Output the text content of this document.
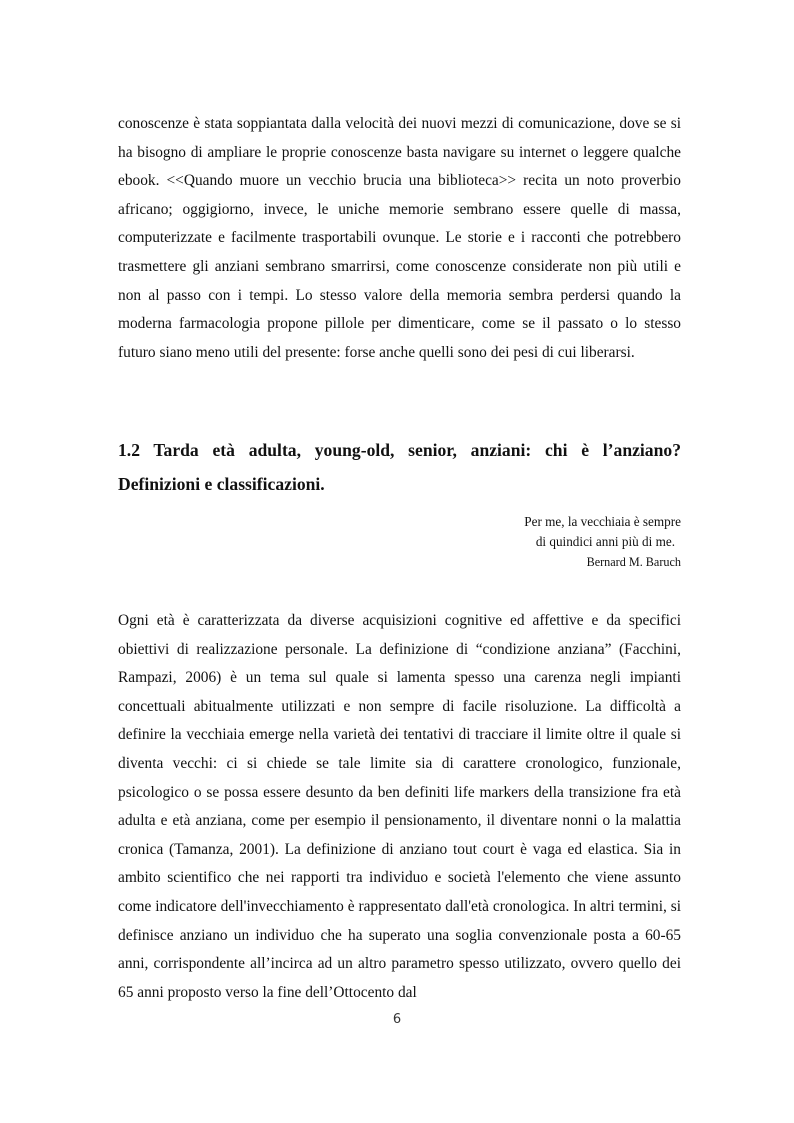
conoscenze è stata soppiantata dalla velocità dei nuovi mezzi di comunicazione, dove se si ha bisogno di ampliare le proprie conoscenze basta navigare su internet o leggere qualche ebook. <<Quando muore un vecchio brucia una biblioteca>> recita un noto proverbio africano; oggigiorno, invece, le uniche memorie sembrano essere quelle di massa, computerizzate e facilmente trasportabili ovunque. Le storie e i racconti che potrebbero trasmettere gli anziani sembrano smarrirsi, come conoscenze considerate non più utili e non al passo con i tempi. Lo stesso valore della memoria sembra perdersi quando la moderna farmacologia propone pillole per dimenticare, come se il passato o lo stesso futuro siano meno utili del presente: forse anche quelli sono dei pesi di cui liberarsi.

1.2 Tarda età adulta, young-old, senior, anziani: chi è l’anziano? Definizioni e classificazioni.
Per me, la vecchiaia è sempre
di quindici anni più di me.
Bernard M. Baruch

Ogni età è caratterizzata da diverse acquisizioni cognitive ed affettive e da specifici obiettivi di realizzazione personale. La definizione di “condizione anziana” (Facchini, Rampazi, 2006) è un tema sul quale si lamenta spesso una carenza negli impianti concettuali abitualmente utilizzati e non sempre di facile risoluzione. La difficoltà a definire la vecchiaia emerge nella varietà dei tentativi di tracciare il limite oltre il quale si diventa vecchi: ci si chiede se tale limite sia di carattere cronologico, funzionale, psicologico o se possa essere desunto da ben definiti life markers della transizione fra età adulta e età anziana, come per esempio il pensionamento, il diventare nonni o la malattia cronica (Tamanza, 2001). La definizione di anziano tout court è vaga ed elastica. Sia in ambito scientifico che nei rapporti tra individuo e società l'elemento che viene assunto come indicatore dell'invecchiamento è rappresentato dall'età cronologica. In altri termini, si definisce anziano un individuo che ha superato una soglia convenzionale posta a 60-65 anni, corrispondente all’incirca ad un altro parametro spesso utilizzato, ovvero quello dei 65 anni proposto verso la fine dell’Ottocento dal

6
